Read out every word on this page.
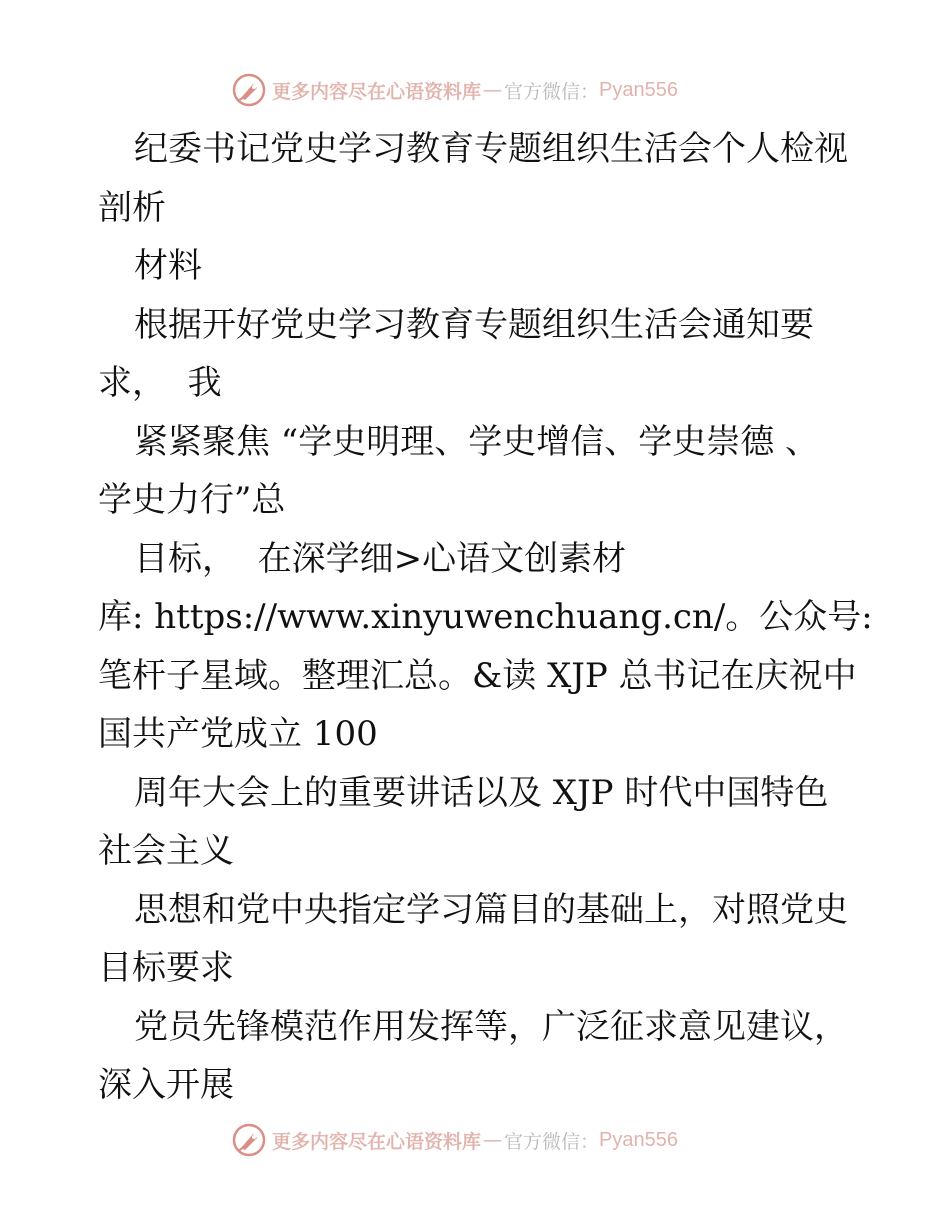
更多内容尽在心语资料库 — 官方微信： Pyan556
纪委书记党史学习教育专题组织生活会个人检视
剖析
材料
根据开好党史学习教育专题组织生活会通知要
求，  我
紧紧聚焦 “学史明理、学史增信、学史崇德 、
学史力行”总
目标，  在深学细>心语文创素材
库: https://www.xinyuwenchuang.cn/。公众号:
笔杆子星域。整理汇总。&读 XJP 总书记在庆祝中
国共产党成立 100
周年大会上的重要讲话以及 XJP 时代中国特色
社会主义
思想和党中央指定学习篇目的基础上，对照党史
目标要求
党员先锋模范作用发挥等，广泛征求意见建议，
深入开展
更多内容尽在心语资料库 — 官方微信： Pyan556
